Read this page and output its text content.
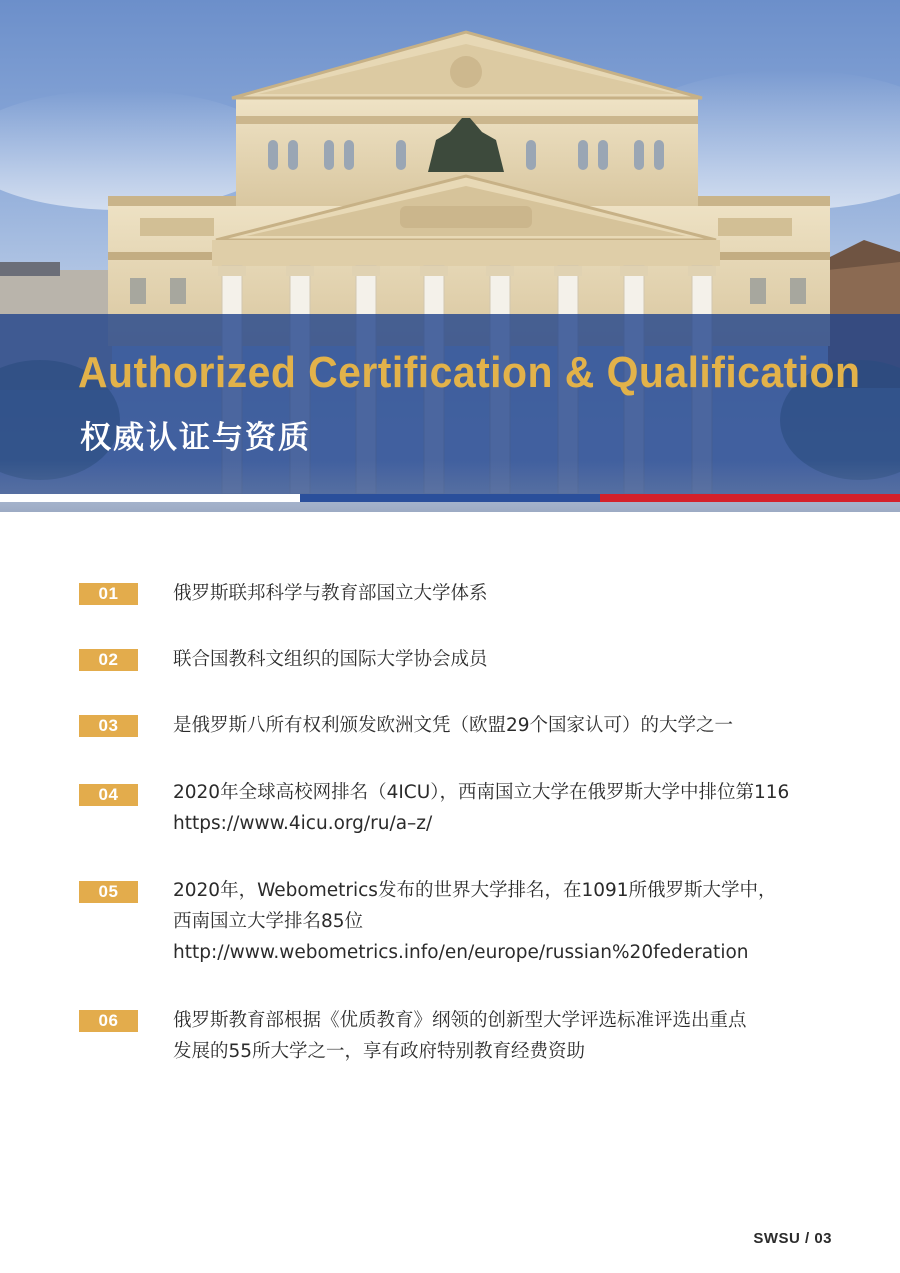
Authorized Certification & Qualification
权威认证与资质
01	俄罗斯联邦科学与教育部国立大学体系
02	联合国教科文组织的国际大学协会成员
03	是俄罗斯八所有权利颁发欧洲文凭（欧盟29个国家认可）的大学之一
04	2020年全球高校网排名（4ICU），西南国立大学在俄罗斯大学中排位第116
https://www.4icu.org/ru/a–z/
05	2020年，Webometrics发布的世界大学排名，在1091所俄罗斯大学中，
西南国立大学排名85位
http://www.webometrics.info/en/europe/russian%20federation
06	俄罗斯教育部根据《优质教育》纲领的创新型大学评选标准评选出重点
发展的55所大学之一，享有政府特别教育经费资助
SWSU / 03
